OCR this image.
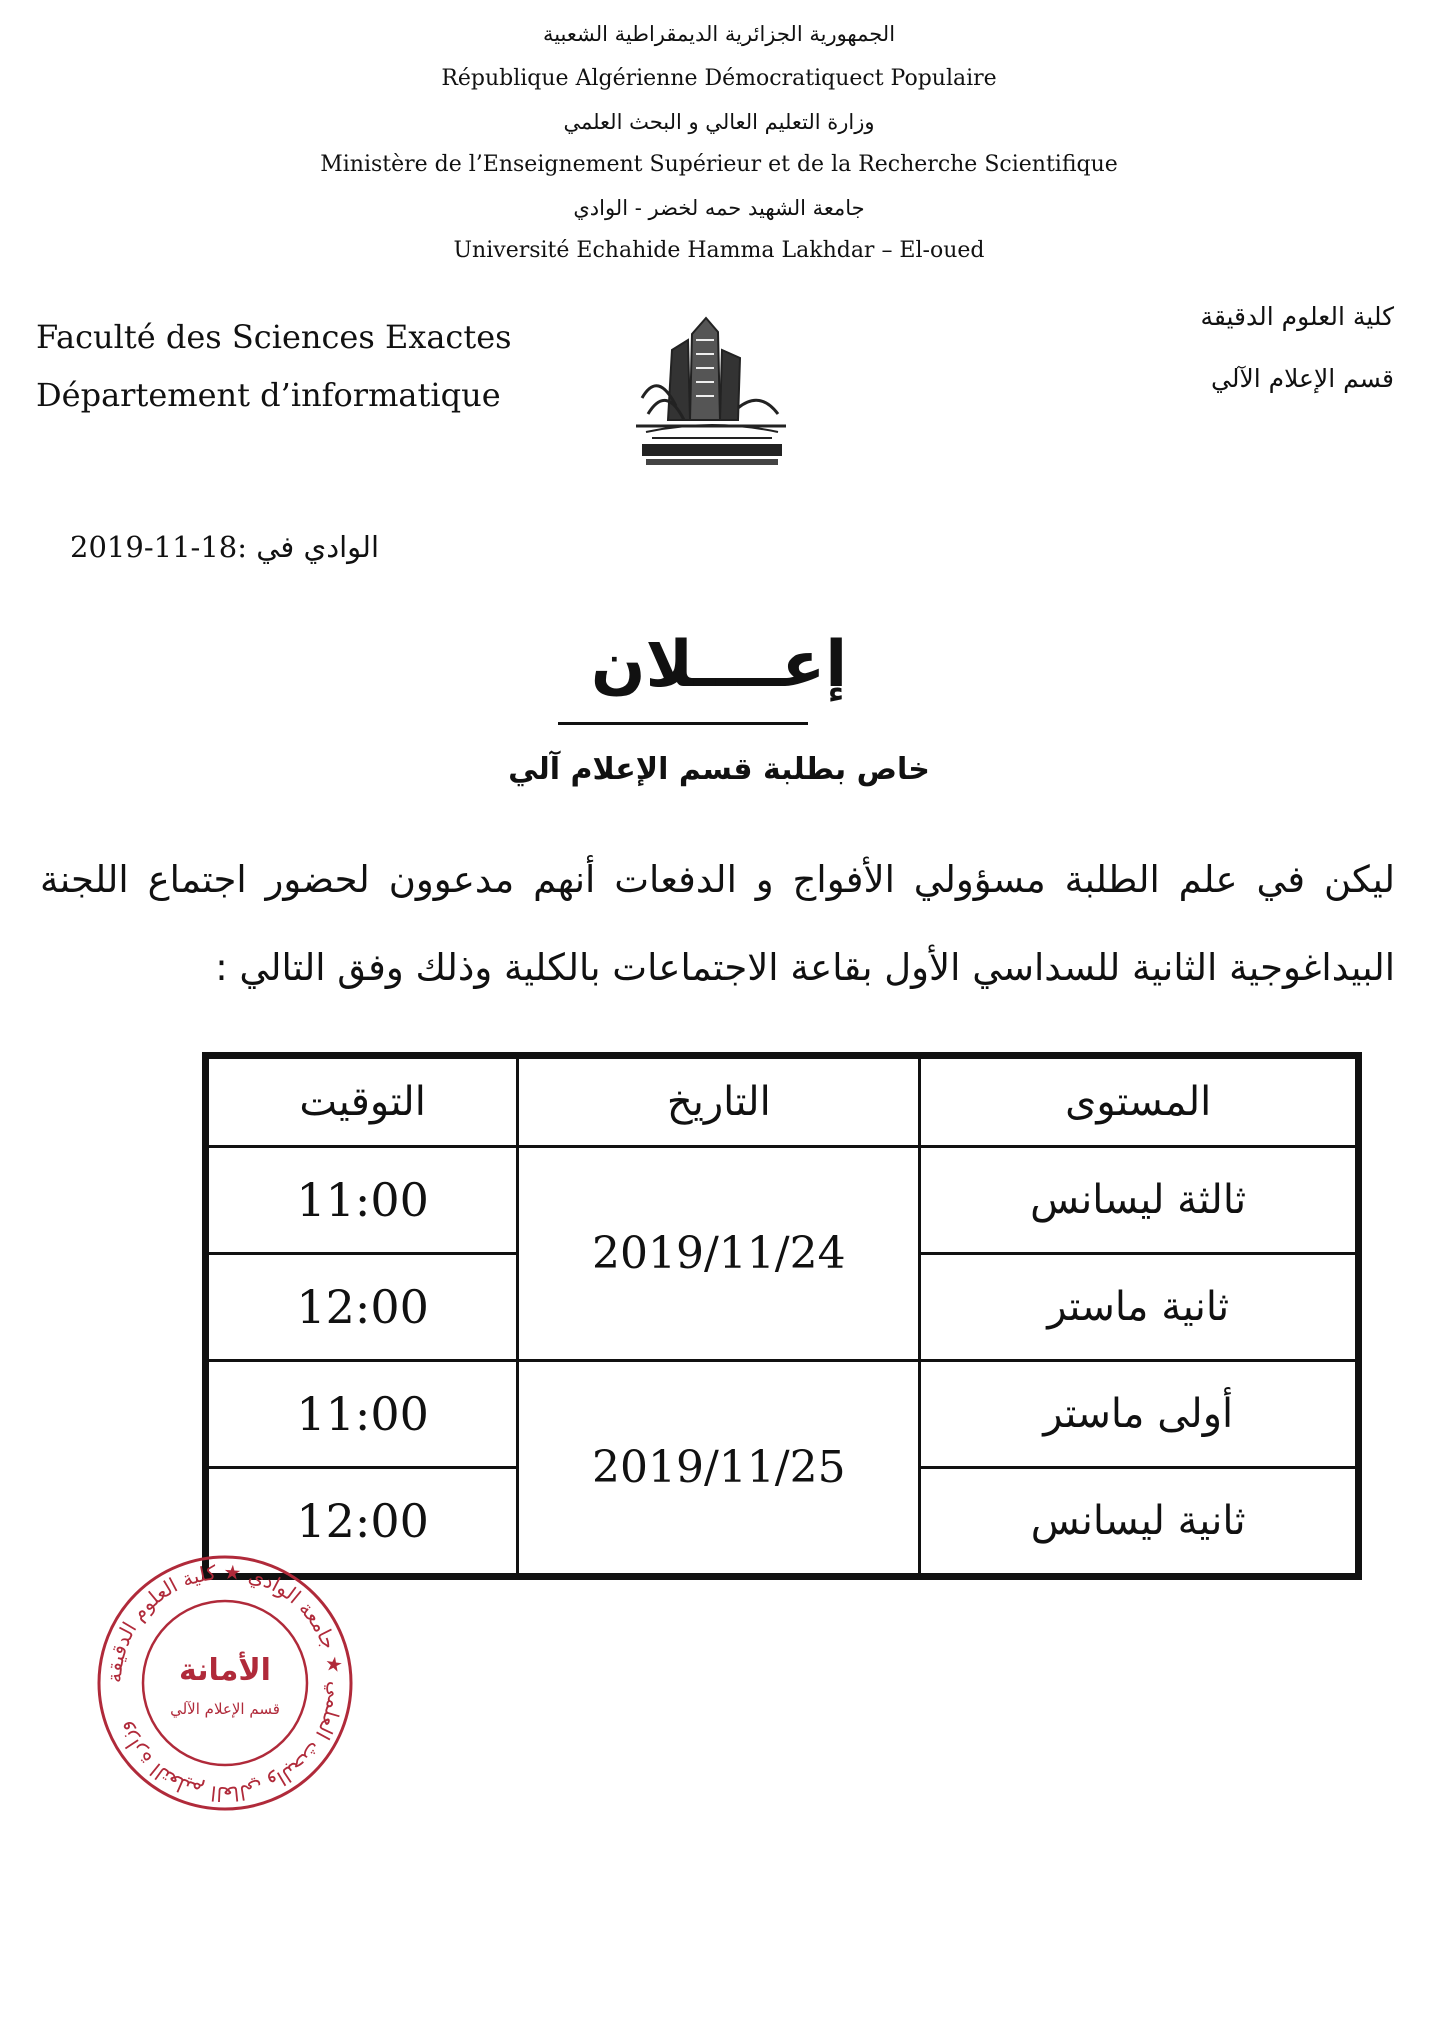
الجمهورية الجزائرية الديمقراطية الشعبية
République Algérienne Démocratiquect Populaire
وزارة التعليم العالي و البحث العلمي
Ministère de l’Enseignement Supérieur et de la Recherche Scientifique
جامعة الشهيد حمه لخضر - الوادي
Université Echahide Hamma Lakhdar – El-oued
Faculté des Sciences Exactes
Département d’informatique
كلية العلوم الدقيقة
قسم الإعلام الآلي
الوادي في :18-11-2019
إعــــلان
خاص بطلبة قسم الإعلام آلي
ليكن في علم الطلبة مسؤولي الأفواج و الدفعات أنهم مدعوون لحضور اجتماع اللجنة البيداغوجية الثانية للسداسي الأول بقاعة الاجتماعات بالكلية وذلك وفق التالي :
التوقيت	التاريخ	المستوى
11:00	2019/11/24	ثالثة ليسانس
12:00		ثانية ماستر
11:00	2019/11/25	أولى ماستر
12:00		ثانية ليسانس
وزارة التعليم العالي والبحث العلمي ★ جامعة الوادي ★ كلية العلوم الدقيقة
الأمانة
قسم الإعلام الآلي
